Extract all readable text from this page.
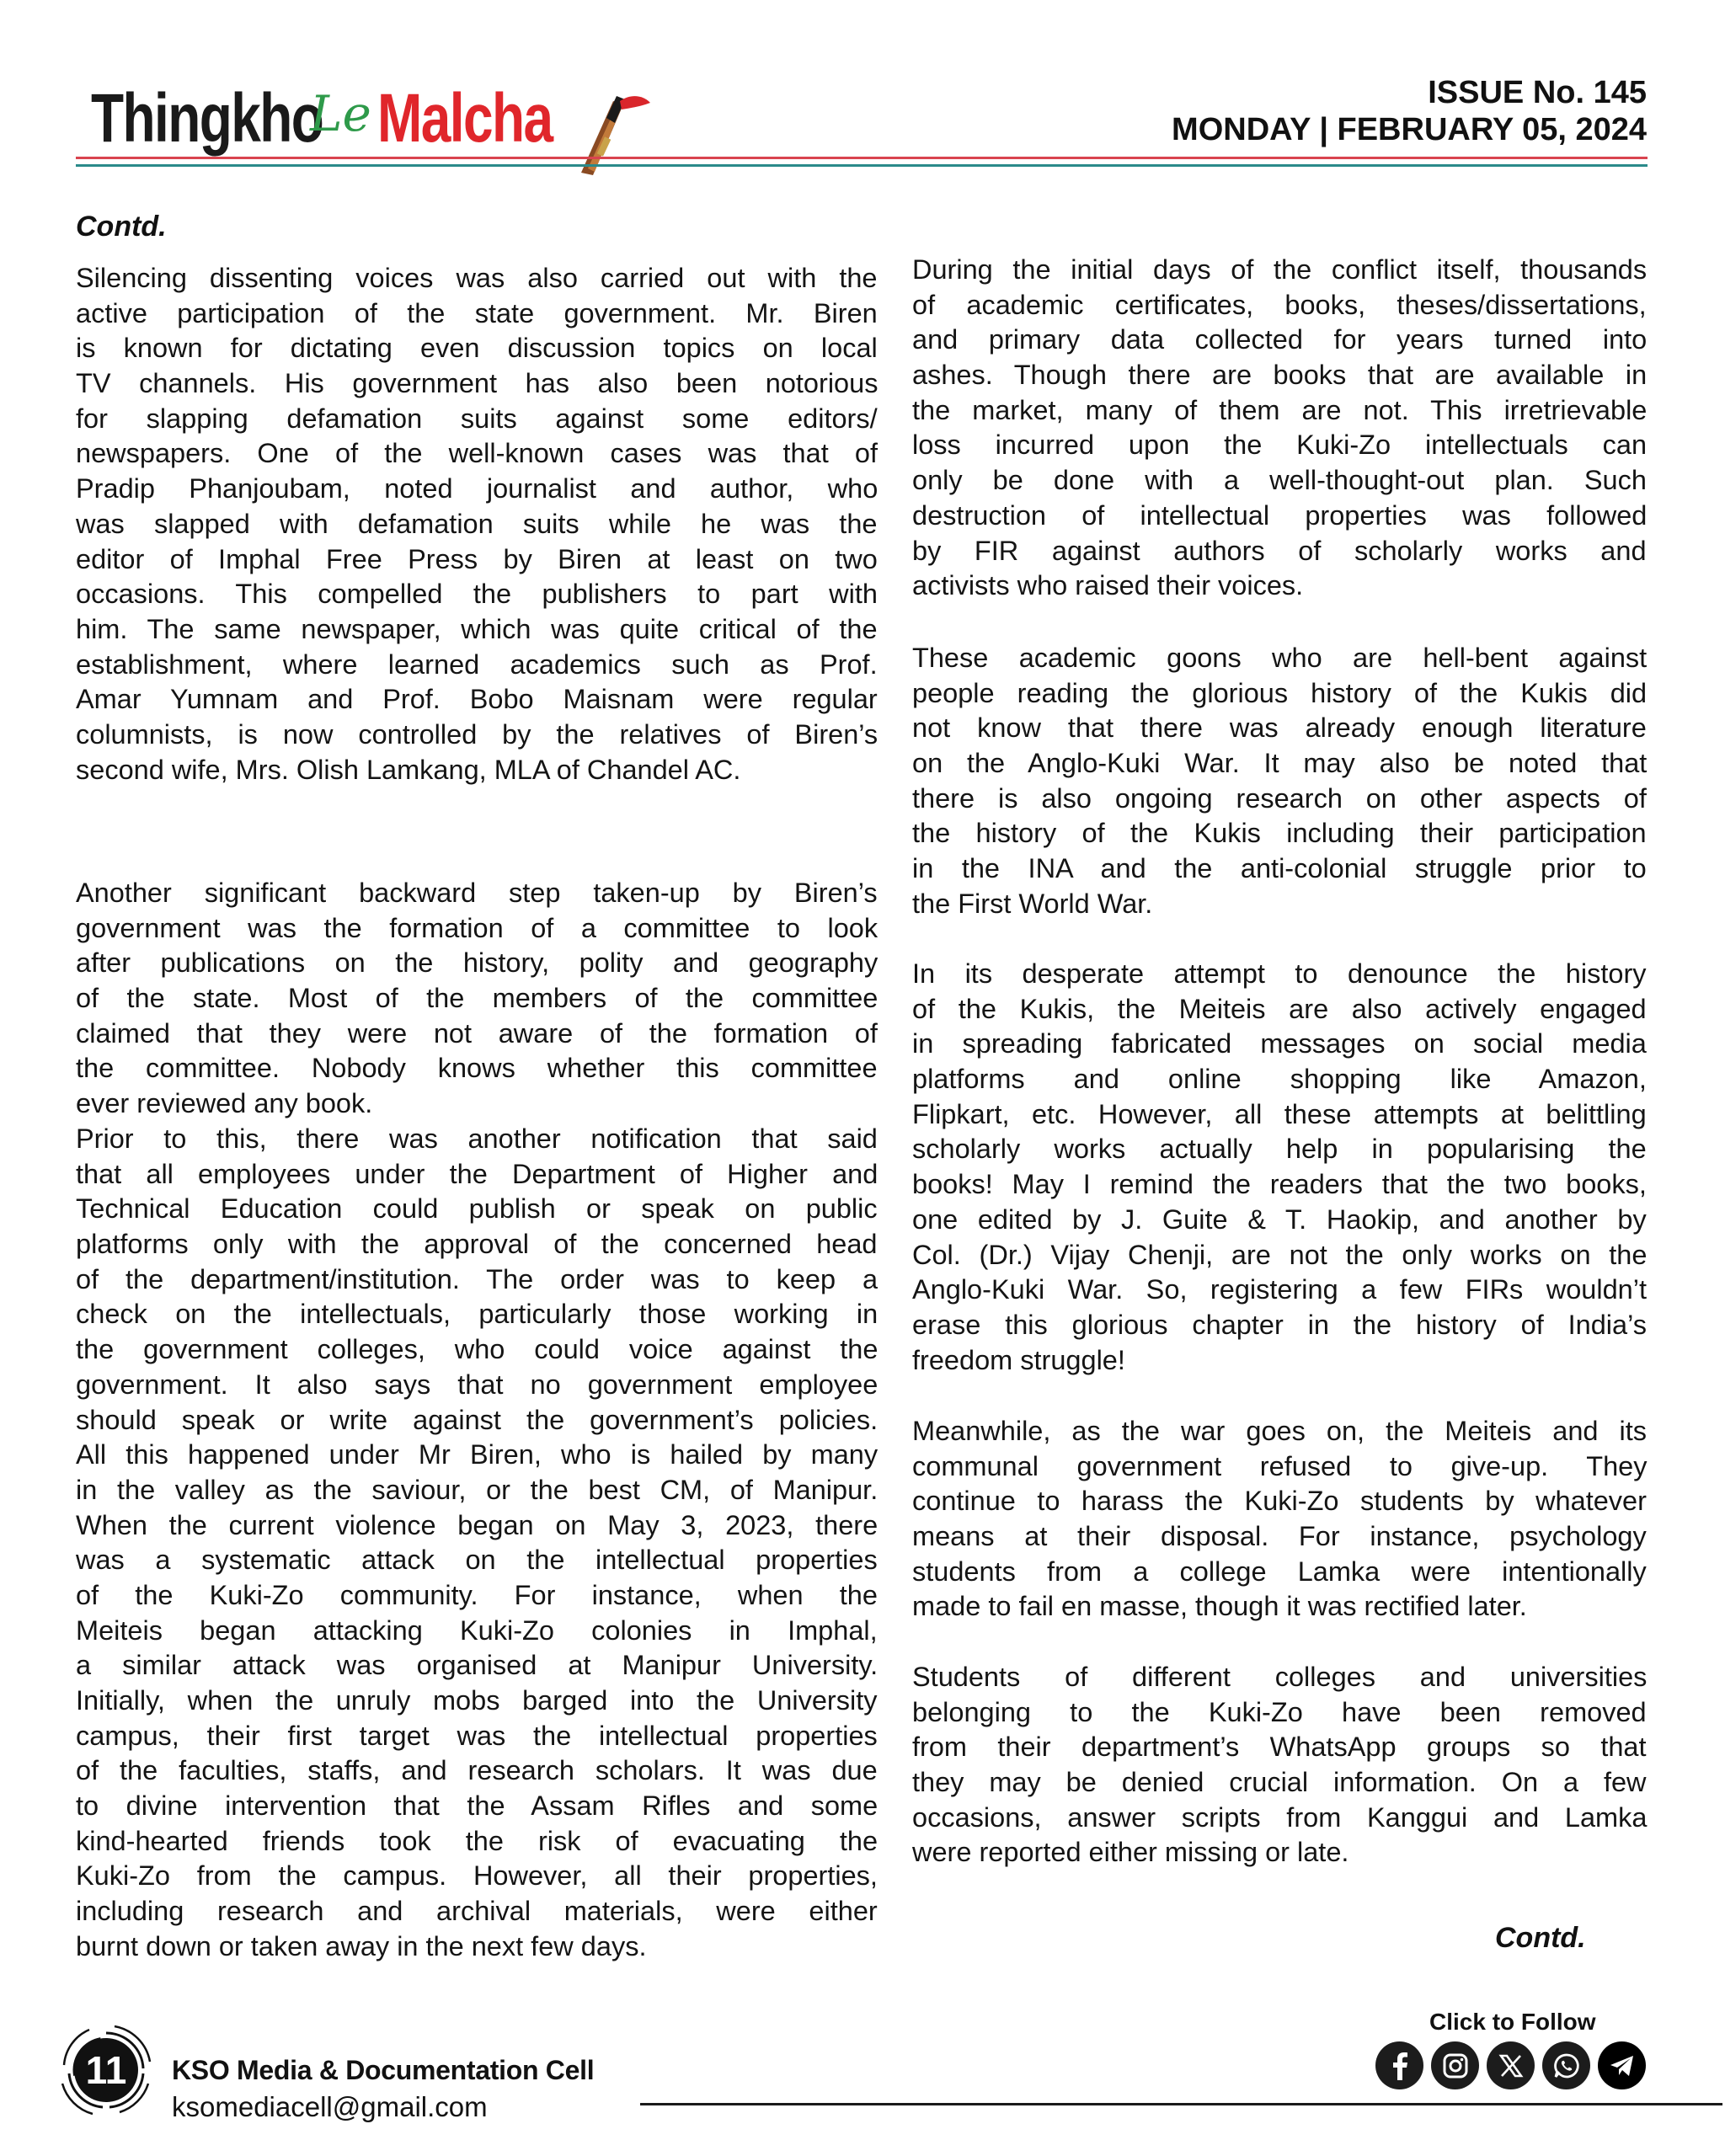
Thingkho
Le Malcha	ISSUE No. 145
MONDAY | FEBRUARY 05, 2024
Contd.
Silencing dissenting voices was also carried out with the
active participation of the state government. Mr. Biren
is known for dictating even discussion topics on local
TV channels. His government has also been notorious
for slapping defamation suits against some editors/
newspapers. One of the well-known cases was that of
Pradip Phanjoubam, noted journalist and author, who
was slapped with defamation suits while he was the
editor of Imphal Free Press by Biren at least on two
occasions. This compelled the publishers to part with
him. The same newspaper, which was quite critical of the
establishment, where learned academics such as Prof.
Amar Yumnam and Prof. Bobo Maisnam were regular
columnists, is now controlled by the relatives of Biren’s
second wife, Mrs. Olish Lamkang, MLA of Chandel AC.
Another significant backward step taken-up by Biren’s
government was the formation of a committee to look
after publications on the history, polity and geography
of the state. Most of the members of the committee
claimed that they were not aware of the formation of
the committee. Nobody knows whether this committee
ever reviewed any book.
Prior to this, there was another notification that said
that all employees under the Department of Higher and
Technical Education could publish or speak on public
platforms only with the approval of the concerned head
of the department/institution. The order was to keep a
check on the intellectuals, particularly those working in
the government colleges, who could voice against the
government. It also says that no government employee
should speak or write against the government’s policies.
All this happened under Mr Biren, who is hailed by many
in the valley as the saviour, or the best CM, of Manipur.
When the current violence began on May 3, 2023, there
was a systematic attack on the intellectual properties
of the Kuki-Zo community. For instance, when the
Meiteis began attacking Kuki-Zo colonies in Imphal,
a similar attack was organised at Manipur University.
Initially, when the unruly mobs barged into the University
campus, their first target was the intellectual properties
of the faculties, staffs, and research scholars. It was due
to divine intervention that the Assam Rifles and some
kind-hearted friends took the risk of evacuating the
Kuki-Zo from the campus. However, all their properties,
including research and archival materials, were either
burnt down or taken away in the next few days.
During the initial days of the conflict itself, thousands
of academic certificates, books, theses/dissertations,
and primary data collected for years turned into
ashes. Though there are books that are available in
the market, many of them are not. This irretrievable
loss incurred upon the Kuki-Zo intellectuals can
only be done with a well-thought-out plan. Such
destruction of intellectual properties was followed
by FIR against authors of scholarly works and
activists who raised their voices.
These academic goons who are hell-bent against
people reading the glorious history of the Kukis did
not know that there was already enough literature
on the Anglo-Kuki War. It may also be noted that
there is also ongoing research on other aspects of
the history of the Kukis including their participation
in the INA and the anti-colonial struggle prior to
the First World War.
In its desperate attempt to denounce the history
of the Kukis, the Meiteis are also actively engaged
in spreading fabricated messages on social media
platforms and online shopping like Amazon,
Flipkart, etc. However, all these attempts at belittling
scholarly works actually help in popularising the
books! May I remind the readers that the two books,
one edited by J. Guite & T. Haokip, and another by
Col. (Dr.) Vijay Chenji, are not the only works on the
Anglo-Kuki War. So, registering a few FIRs wouldn’t
erase this glorious chapter in the history of India’s
freedom struggle!
Meanwhile, as the war goes on, the Meiteis and its
communal government refused to give-up. They
continue to harass the Kuki-Zo students by whatever
means at their disposal. For instance, psychology
students from a college Lamka were intentionally
made to fail en masse, though it was rectified later.
Students of different colleges and universities
belonging to the Kuki-Zo have been removed
from their department’s WhatsApp groups so that
they may be denied crucial information. On a few
occasions, answer scripts from Kanggui and Lamka
were reported either missing or late.
Contd.
11 KSO Media & Documentation Cell
ksomediacell@gmail.com
Click to Follow
